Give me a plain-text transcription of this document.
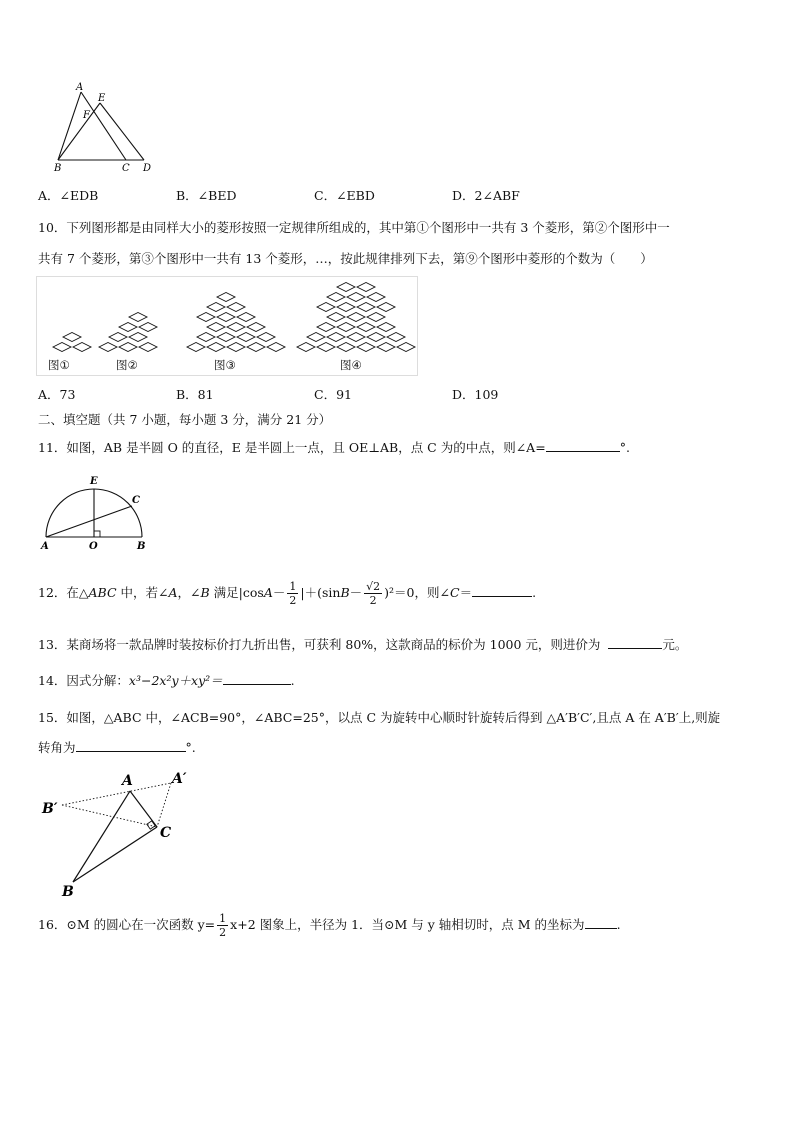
A
E
F
B	C D
A．∠EDB	B．∠BED	C．∠EBD	D．2∠ABF
10．下列图形都是由同样大小的菱形按照一定规律所组成的，其中第①个图形中一共有 3 个菱形，第②个图形中一
共有 7 个菱形，第③个图形中一共有 13 个菱形，…，按此规律排列下去，第⑨个图形中菱形的个数为（　　）
图①	图②	图③	图④
A．73	B．81	C．91	D．109
二、填空题（共 7 小题，每小题 3 分，满分 21 分）
11．如图，AB 是半圆 O 的直径，E 是半圆上一点，且 OE⊥AB，点 C 为的中点，则∠A=	°.
E
C
A	O	B
12．在△ABC 中，若∠A，∠B 满足$|\cos A- \frac{1}{2} |+(\sin B- \frac{√2}{2} )^2=0$，则∠C＝	.
13．某商场将一款品牌时装按标价打九折出售，可获利 80%，这款商品的标价为 1000 元，则进价为	元。
14．因式分解：x³−2x²y＋xy²＝	.
15．如图，△ABC 中，∠ACB=90°，∠ABC=25°，以点 C 为旋转中心顺时针旋转后得到 △A′B′C′,且点 A 在 A′B′上,则旋
转角为	°.
A	A′
B′
C
B
16．⊙M 的圆心在一次函数 $y= \frac{1}{2} x+2$ 图象上，半径为 1．当⊙M 与 y 轴相切时，点 M 的坐标为	.
